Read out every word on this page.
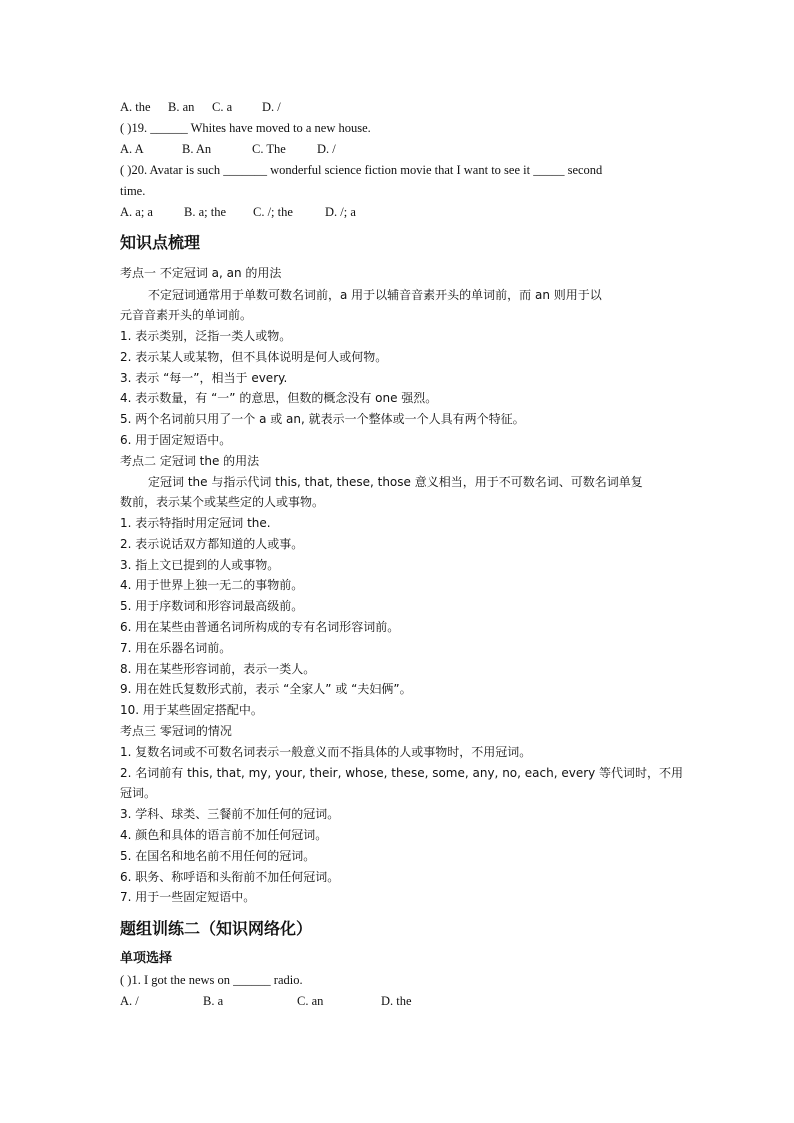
A. the B. an C. a D. /
( )19. ______ Whites have moved to a new house.
A. A	B. An	C. The D. /
( )20. Avatar is such _______ wonderful science fiction movie that I want to see it _____ second
time.
A. a; a B. a; the C. /; the	D. /; a
知识点梳理
考点一 不定冠词 a, an 的用法
不定冠词通常用于单数可数名词前，a 用于以辅音音素开头的单词前，而 an 则用于以
元音音素开头的单词前。
1. 表示类别，泛指一类人或物。
2. 表示某人或某物，但不具体说明是何人或何物。
3. 表示 “每一”，相当于 every.
4. 表示数量，有 “一” 的意思，但数的概念没有 one 强烈。
5. 两个名词前只用了一个 a 或 an, 就表示一个整体或一个人具有两个特征。
6. 用于固定短语中。
考点二 定冠词 the 的用法
定冠词 the 与指示代词 this, that, these, those 意义相当，用于不可数名词、可数名词单复
数前，表示某个或某些定的人或事物。
1. 表示特指时用定冠词 the.
2. 表示说话双方都知道的人或事。
3. 指上文已提到的人或事物。
4. 用于世界上独一无二的事物前。
5. 用于序数词和形容词最高级前。
6. 用在某些由普通名词所构成的专有名词形容词前。
7. 用在乐器名词前。
8. 用在某些形容词前，表示一类人。
9. 用在姓氏复数形式前，表示 “全家人” 或 “夫妇俩”。
10. 用于某些固定搭配中。
考点三 零冠词的情况
1. 复数名词或不可数名词表示一般意义而不指具体的人或事物时，不用冠词。
2. 名词前有 this, that, my, your, their, whose, these, some, any, no, each, every 等代词时，不用
冠词。
3. 学科、球类、三餐前不加任何的冠词。
4. 颜色和具体的语言前不加任何冠词。
5. 在国名和地名前不用任何的冠词。
6. 职务、称呼语和头衔前不加任何冠词。
7. 用于一些固定短语中。
题组训练二（知识网络化）
单项选择
( )1. I got the news on ______ radio.
A. /	B. a	C. an	D. the
